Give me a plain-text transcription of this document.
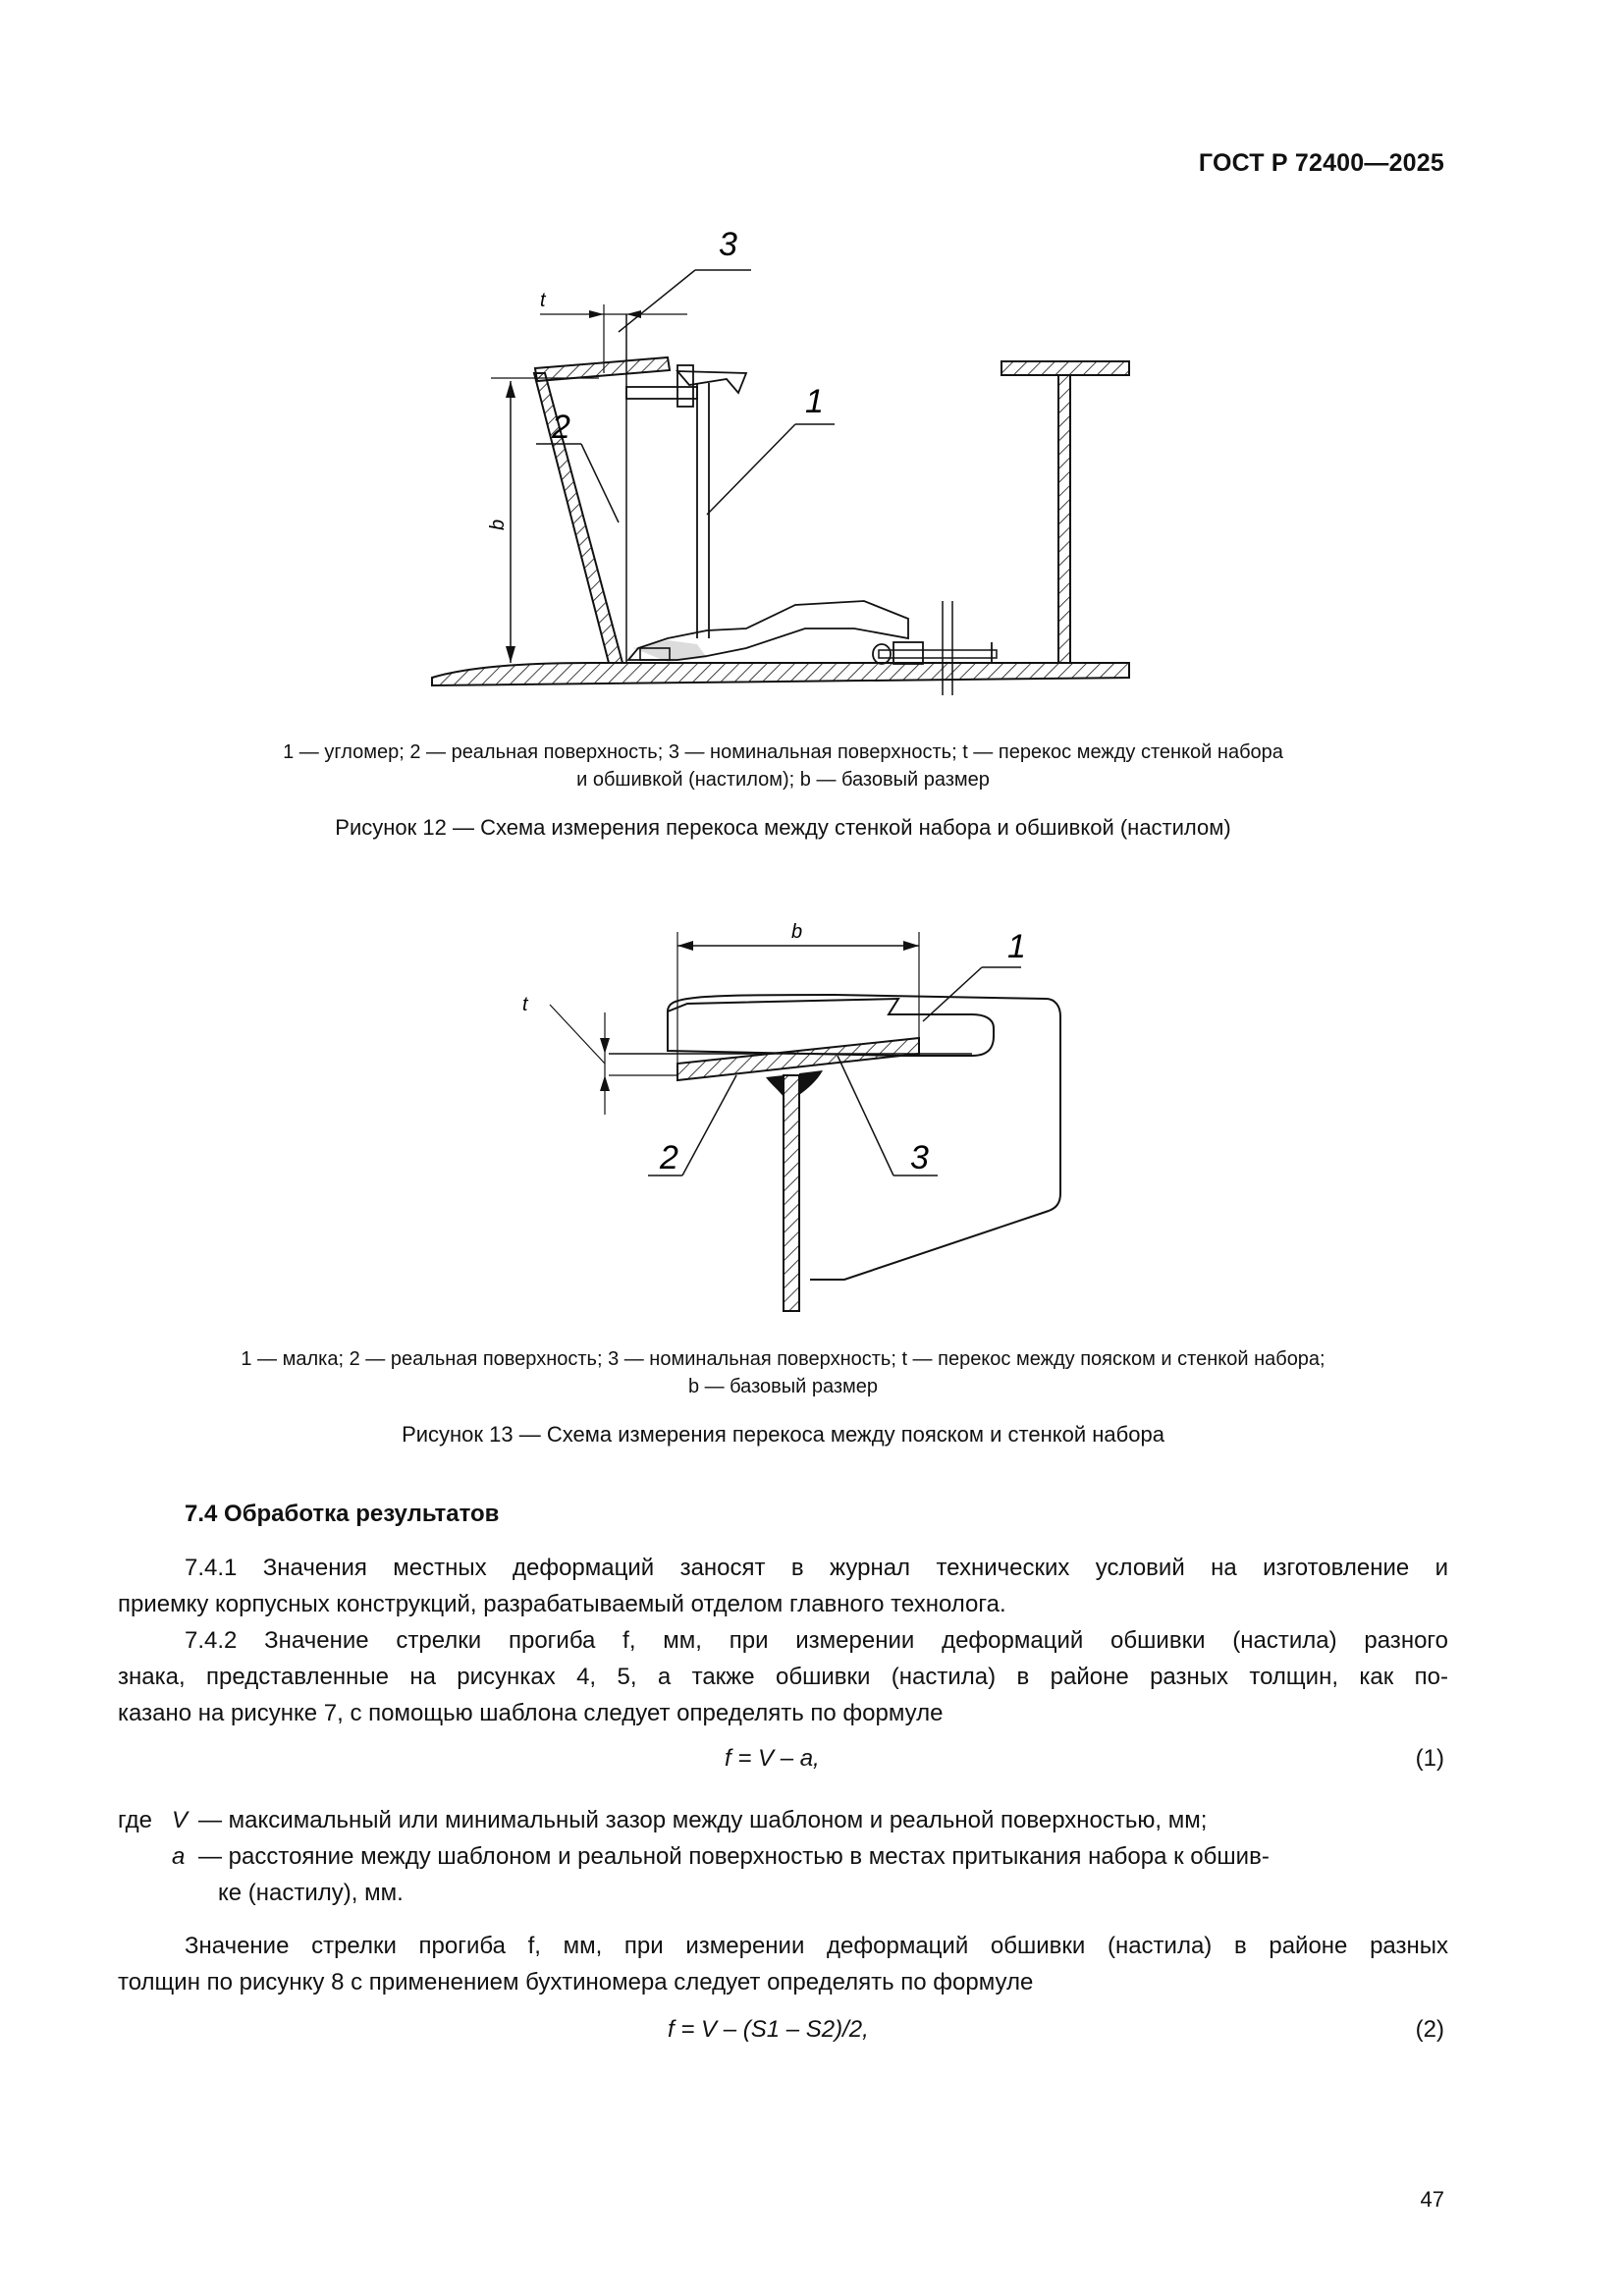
ГОСТ Р 72400—2025
3
t
2
1
b
1 — угломер; 2 — реальная поверхность; 3 — номинальная поверхность; t — перекос между стенкой набора
и обшивкой (настилом); b — базовый размер
Рисунок 12 — Схема измерения перекоса между стенкой набора и обшивкой (настилом)
b	1
t
2	3
1 — малка; 2 — реальная поверхность; 3 — номинальная поверхность; t — перекос между пояском и стенкой набора;
b — базовый размер
Рисунок 13 — Схема измерения перекоса между пояском и стенкой набора
7.4 Обработка результатов
7.4.1 Значения местных деформаций заносят в журнал технических условий на изготовление и
приемку корпусных конструкций, разрабатываемый отделом главного технолога.
7.4.2 Значение стрелки прогиба f, мм, при измерении деформаций обшивки (настила) разного
знака, представленные на рисунках 4, 5, а также обшивки (настила) в районе разных толщин, как по-
казано на рисунке 7, с помощью шаблона следует определять по формуле
f = V – a,	(1)
где V — максимальный или минимальный зазор между шаблоном и реальной поверхностью, мм;
a — расстояние между шаблоном и реальной поверхностью в местах притыкания набора к обшив-
ке (настилу), мм.
Значение стрелки прогиба f, мм, при измерении деформаций обшивки (настила) в районе разных
толщин по рисунку 8 с применением бухтиномера следует определять по формуле
f = V – (S1 – S2)/2,	(2)
47
